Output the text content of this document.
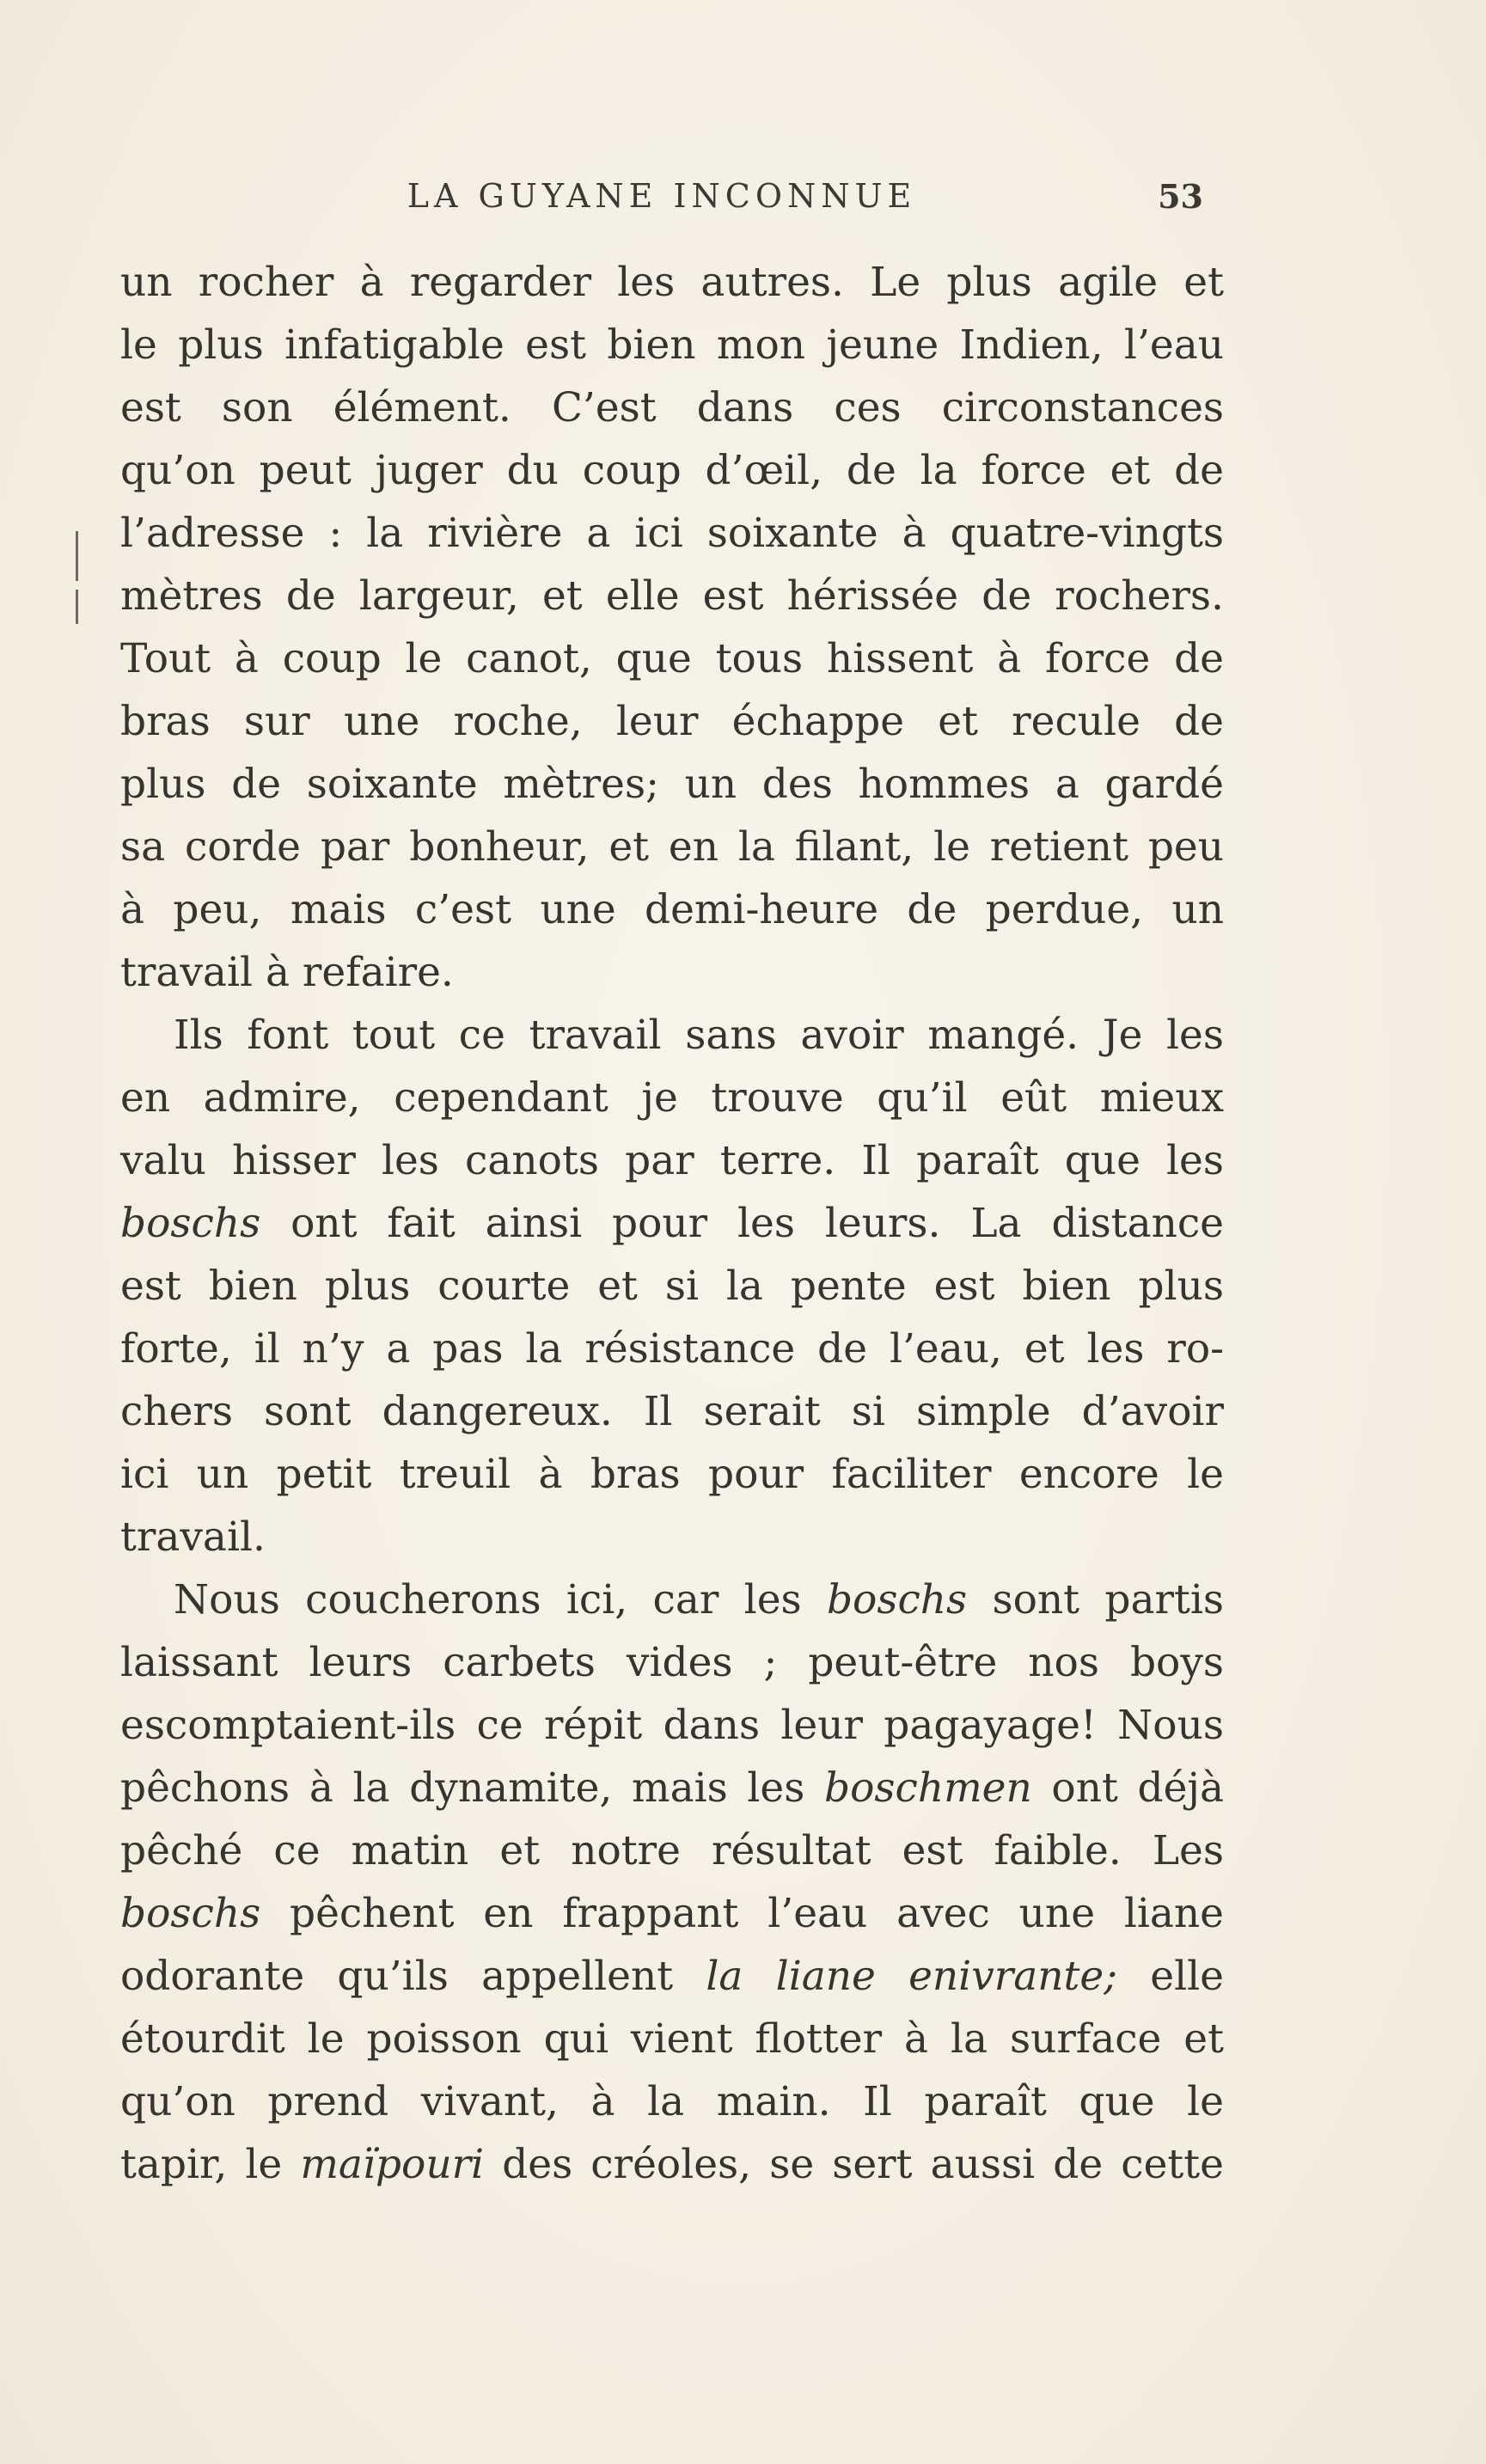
LA GUYANE INCONNUE	53
un rocher à regarder les autres. Le plus agile et
le plus infatigable est bien mon jeune Indien, l’eau
est son élément. C’est dans ces circonstances
qu’on peut juger du coup d’œil, de la force et de
l’adresse : la rivière a ici soixante à quatre-vingts
mètres de largeur, et elle est hérissée de rochers.
Tout à coup le canot, que tous hissent à force de
bras sur une roche, leur échappe et recule de
plus de soixante mètres; un des hommes a gardé
sa corde par bonheur, et en la filant, le retient peu
à peu, mais c’est une demi-heure de perdue, un
travail à refaire.
Ils font tout ce travail sans avoir mangé. Je les
en admire, cependant je trouve qu’il eût mieux
valu hisser les canots par terre. Il paraît que les
boschs ont fait ainsi pour les leurs. La distance
est bien plus courte et si la pente est bien plus
forte, il n’y a pas la résistance de l’eau, et les ro-
chers sont dangereux. Il serait si simple d’avoir
ici un petit treuil à bras pour faciliter encore le
travail.
Nous coucherons ici, car les boschs sont partis
laissant leurs carbets vides ; peut-être nos boys
escomptaient-ils ce répit dans leur pagayage! Nous
pêchons à la dynamite, mais les boschmen ont déjà
pêché ce matin et notre résultat est faible. Les
boschs pêchent en frappant l’eau avec une liane
odorante qu’ils appellent la liane enivrante; elle
étourdit le poisson qui vient flotter à la surface et
qu’on prend vivant, à la main. Il paraît que le
tapir, le maïpouri des créoles, se sert aussi de cette
